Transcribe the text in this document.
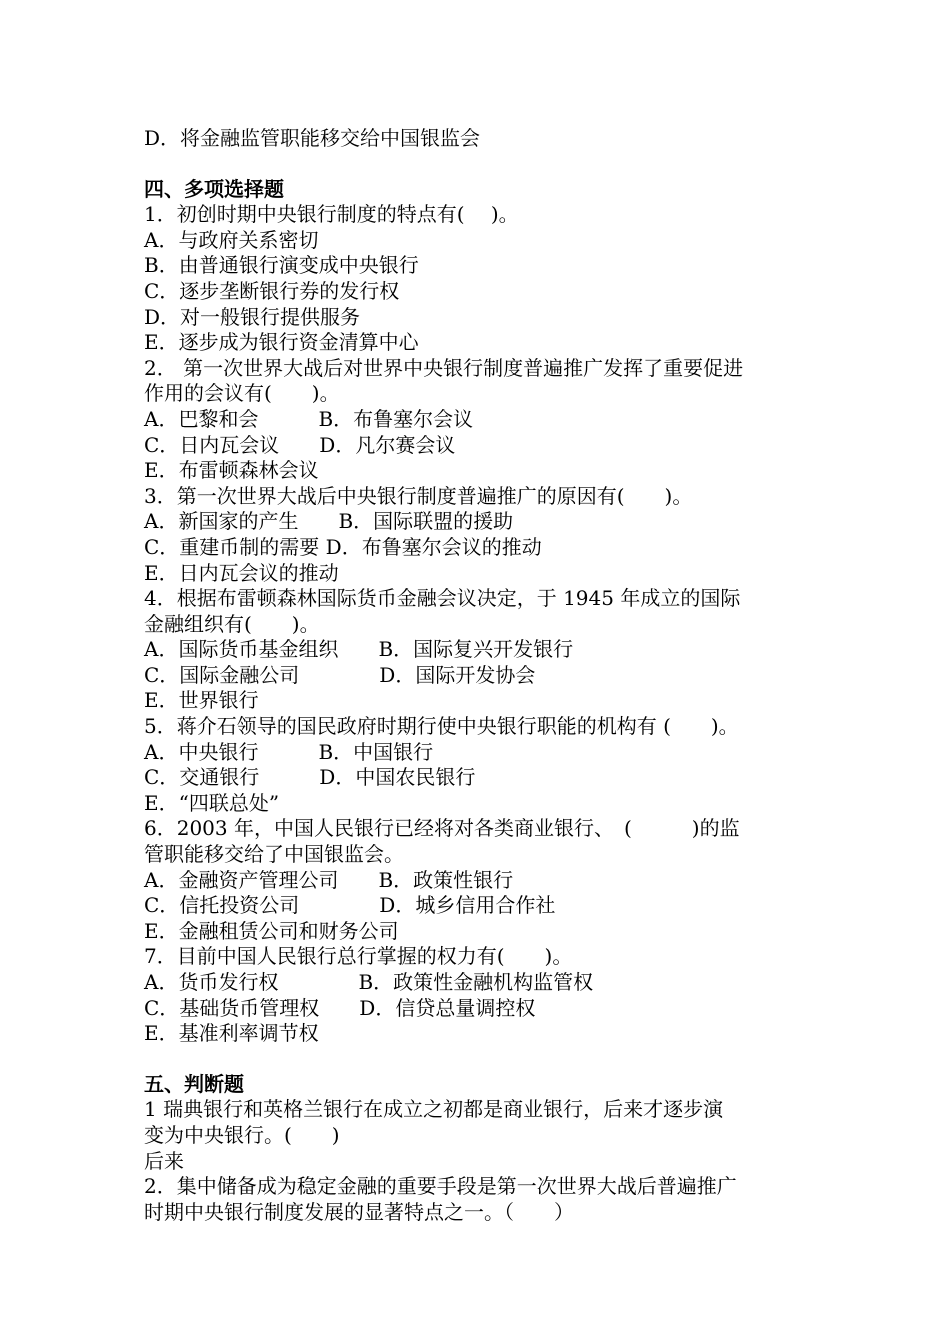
D．将金融监管职能移交给中国银监会
四、多项选择题
1．初创时期中央银行制度的特点有(　 )。
A．与政府关系密切
B．由普通银行演变成中央银行
C．逐步垄断银行券的发行权
D．对一般银行提供服务
E．逐步成为银行资金清算中心
2． 第一次世界大战后对世界中央银行制度普遍推广发挥了重要促进
作用的会议有(　　)。
A．巴黎和会　　　B．布鲁塞尔会议
C．日内瓦会议　　D．凡尔赛会议
E．布雷顿森林会议
3．第一次世界大战后中央银行制度普遍推广的原因有(　　)。
A．新国家的产生　　B．国际联盟的援助
C．重建币制的需要 D．布鲁塞尔会议的推动
E．日内瓦会议的推动
4．根据布雷顿森林国际货币金融会议决定，于 1945 年成立的国际
金融组织有(　　)。
A．国际货币基金组织　　B．国际复兴开发银行
C．国际金融公司　　　　D．国际开发协会
E．世界银行
5．蒋介石领导的国民政府时期行使中央银行职能的机构有 (　　)。
A．中央银行　　　B．中国银行
C．交通银行　　　D．中国农民银行
E．“四联总处”
6．2003 年，中国人民银行已经将对各类商业银行、　(　　　)的监
管职能移交给了中国银监会。
A．金融资产管理公司　　B．政策性银行
C．信托投资公司　　　　D．城乡信用合作社
E．金融租赁公司和财务公司
7．目前中国人民银行总行掌握的权力有(　　)。
A．货币发行权　　　　B．政策性金融机构监管权
C．基础货币管理权　　D．信贷总量调控权
E．基准利率调节权
五、判断题
1 瑞典银行和英格兰银行在成立之初都是商业银行，后来才逐步演
变为中央银行。(　　)
后来
2．集中储备成为稳定金融的重要手段是第一次世界大战后普遍推广
时期中央银行制度发展的显著特点之一。（　　）
